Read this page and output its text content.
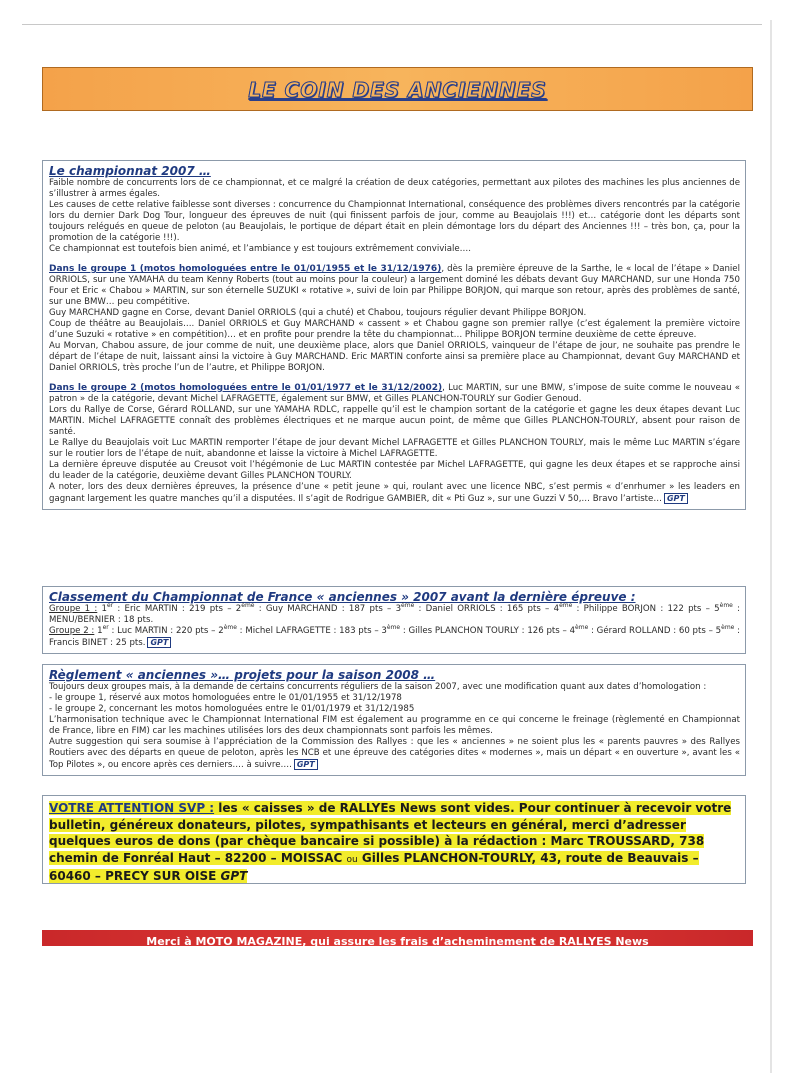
LE COIN DES ANCIENNES
Le championnat 2007 …

Faible nombre de concurrents lors de ce championnat, et ce malgré la création de deux catégories, permettant aux pilotes des machines les plus anciennes de s’illustrer à armes égales.

Les causes de cette relative faiblesse sont diverses : concurrence du Championnat International, conséquence des problèmes divers rencontrés par la catégorie lors du dernier Dark Dog Tour, longueur des épreuves de nuit (qui finissent parfois de jour, comme au Beaujolais !!!) et… catégorie dont les départs sont toujours relégués en queue de peloton (au Beaujolais, le portique de départ était en plein démontage lors du départ des Anciennes !!! – très bon, ça, pour la promotion de la catégorie !!!).

Ce championnat est toutefois bien animé, et l’ambiance y est toujours extrêmement conviviale….

Dans le groupe 1 (motos homologuées entre le 01/01/1955 et le 31/12/1976), dès la première épreuve de la Sarthe, le « local de l’étape » Daniel ORRIOLS, sur une YAMAHA du team Kenny Roberts (tout au moins pour la couleur) a largement dominé les débats devant Guy MARCHAND, sur une Honda 750 Four et Eric « Chabou » MARTIN, sur son éternelle SUZUKI « rotative », suivi de loin par Philippe BORJON, qui marque son retour, après des problèmes de santé, sur une BMW… peu compétitive.

Guy MARCHAND gagne en Corse, devant Daniel ORRIOLS (qui a chuté) et Chabou, toujours régulier devant Philippe BORJON.

Coup de théâtre au Beaujolais…. Daniel ORRIOLS et Guy MARCHAND « cassent » et Chabou gagne son premier rallye (c’est également la première victoire d’une Suzuki « rotative » en compétition)… et en profite pour prendre la tête du championnat… Philippe BORJON termine deuxième de cette épreuve.

Au Morvan, Chabou assure, de jour comme de nuit, une deuxième place, alors que Daniel ORRIOLS, vainqueur de l’étape de jour, ne souhaite pas prendre le départ de l’étape de nuit, laissant ainsi la victoire à Guy MARCHAND. Eric MARTIN conforte ainsi sa première place au Championnat, devant Guy MARCHAND et Daniel ORRIOLS, très proche l’un de l’autre, et Philippe BORJON.

Dans le groupe 2 (motos homologuées entre le 01/01/1977 et le 31/12/2002), Luc MARTIN, sur une BMW, s’impose de suite comme le nouveau « patron » de la catégorie, devant Michel LAFRAGETTE, également sur BMW, et Gilles PLANCHON-TOURLY sur Godier Genoud.

Lors du Rallye de Corse, Gérard ROLLAND, sur une YAMAHA RDLC, rappelle qu’il est le champion sortant de la catégorie et gagne les deux étapes devant Luc MARTIN. Michel LAFRAGETTE connaît des problèmes électriques et ne marque aucun point, de même que Gilles PLANCHON-TOURLY, absent pour raison de santé.

Le Rallye du Beaujolais voit Luc MARTIN remporter l’étape de jour devant Michel LAFRAGETTE et Gilles PLANCHON TOURLY, mais le même Luc MARTIN s’égare sur le routier lors de l’étape de nuit, abandonne et laisse la victoire à Michel LAFRAGETTE.

La dernière épreuve disputée au Creusot voit l’hégémonie de Luc MARTIN contestée par Michel LAFRAGETTE, qui gagne les deux étapes et se rapproche ainsi du leader de la catégorie, deuxième devant Gilles PLANCHON TOURLY.

A noter, lors des deux dernières épreuves, la présence d’une « petit jeune » qui, roulant avec une licence NBC, s’est permis « d’enrhumer » les leaders en gagnant largement les quatre manches qu’il a disputées. Il s’agit de Rodrigue GAMBIER, dit « Pti Guz », sur une Guzzi V 50,… Bravo l’artiste… GPT

Classement du Championnat de France « anciennes » 2007 avant la dernière épreuve :

Groupe 1 : 1er : Eric MARTIN : 219 pts – 2ème : Guy MARCHAND : 187 pts – 3ème : Daniel ORRIOLS : 165 pts – 4ème : Philippe BORJON : 122 pts – 5ème : MENU/BERNIER : 18 pts.

Groupe 2 : 1er : Luc MARTIN : 220 pts – 2ème : Michel LAFRAGETTE : 183 pts – 3ème : Gilles PLANCHON TOURLY : 126 pts – 4ème : Gérard ROLLAND : 60 pts – 5ème : Francis BINET : 25 pts. GPT

Règlement « anciennes »… projets pour la saison 2008 …

Toujours deux groupes mais, à la demande de certains concurrents réguliers de la saison 2007, avec une modification quant aux dates d’homologation :

- le groupe 1, réservé aux motos homologuées entre le 01/01/1955 et 31/12/1978

- le groupe 2, concernant les motos homologuées entre le 01/01/1979 et 31/12/1985

L’harmonisation technique avec le Championnat International FIM est également au programme en ce qui concerne le freinage (règlementé en Championnat de France, libre en FIM) car les machines utilisées lors des deux championnats sont parfois les mêmes.

Autre suggestion qui sera soumise à l’appréciation de la Commission des Rallyes : que les « anciennes » ne soient plus les « parents pauvres » des Rallyes Routiers avec des départs en queue de peloton, après les NCB et une épreuve des catégories dites « modernes », mais un départ « en ouverture », avant les « Top Pilotes », ou encore après ces derniers…. à suivre…. GPT

VOTRE ATTENTION SVP : les « caisses » de RALLYEs News sont vides. Pour continuer à recevoir votre bulletin, généreux donateurs, pilotes, sympathisants et lecteurs en général, merci d’adresser quelques euros de dons (par chèque bancaire si possible) à la rédaction : Marc TROUSSARD, 738 chemin de Fonréal Haut – 82200 – MOISSAC ou Gilles PLANCHON-TOURLY, 43, route de Beauvais – 60460 – PRECY SUR OISE GPT

Merci à MOTO MAGAZINE, qui assure les frais d’acheminement de RALLYES News
